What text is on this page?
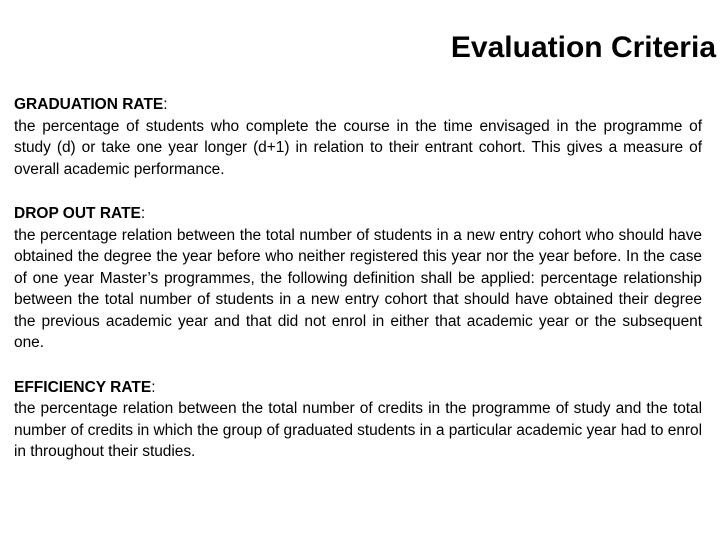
Evaluation Criteria
GRADUATION RATE:

the percentage of students who complete the course in the time envisaged in the programme of study (d) or take one year longer (d+1) in relation to their entrant cohort. This gives a measure of overall academic performance.

DROP OUT RATE:

the percentage relation between the total number of students in a new entry cohort who should have obtained the degree the year before who neither registered this year nor the year before. In the case of one year Master’s programmes, the following definition shall be applied: percentage relationship between the total number of students in a new entry cohort that should have obtained their degree the previous academic year and that did not enrol in either that academic year or the subsequent one.

EFFICIENCY RATE:

the percentage relation between the total number of credits in the programme of study and the total number of credits in which the group of graduated students in a particular academic year had to enrol in throughout their studies.
